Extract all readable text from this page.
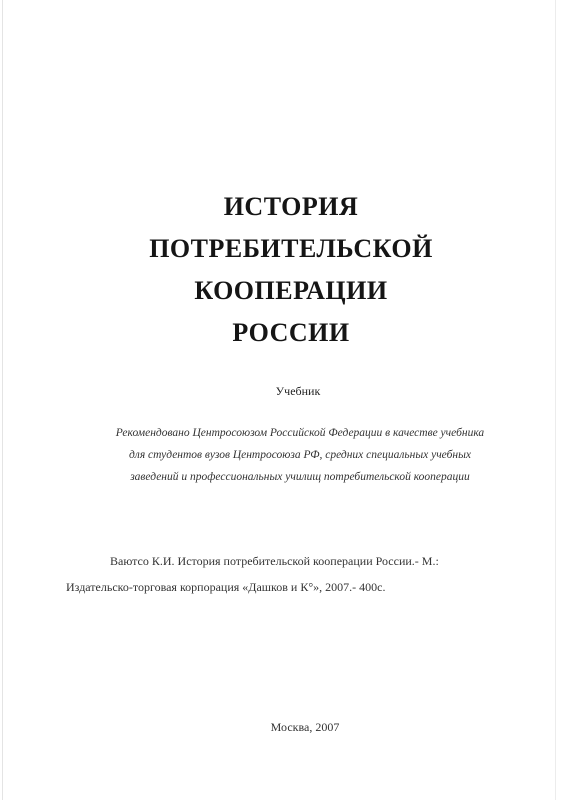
ИСТОРИЯ
ПОТРЕБИТЕЛЬСКОЙ
КООПЕРАЦИИ
РОССИИ
Учебник
Рекомендовано Центросоюзом Российской Федерации в качестве учебника
для студентов вузов Центросоюза РФ, средних специальных учебных
заведений и профессиональных училищ потребительской кооперации
Ваютсо К.И. История потребительской кооперации России.- М.:
Издательско-торговая корпорация «Дашков и К°», 2007.- 400с.
Москва, 2007
